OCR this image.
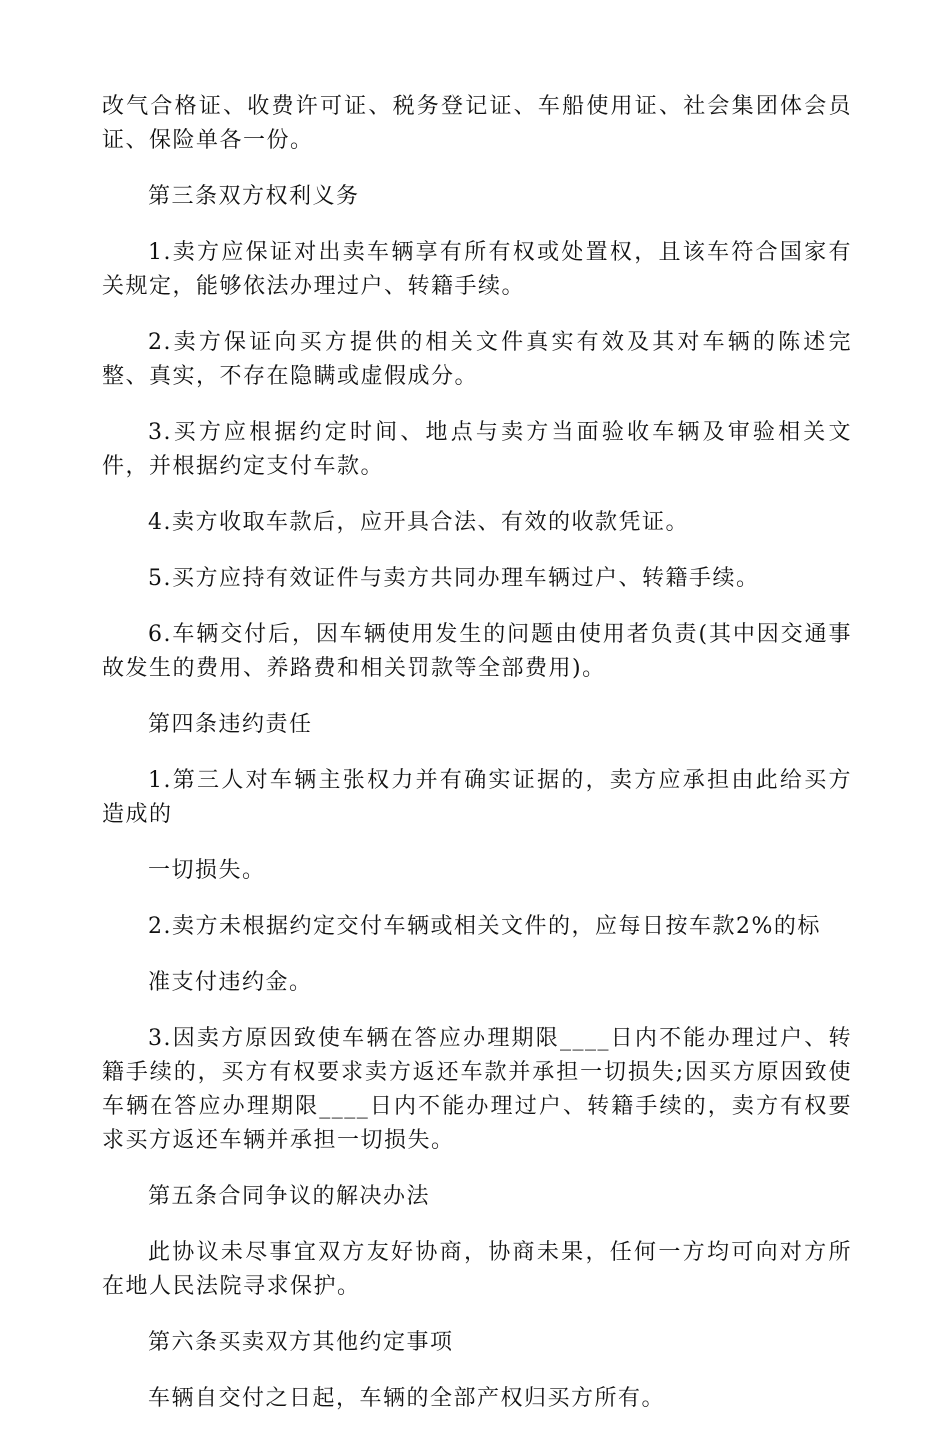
改气合格证、收费许可证、税务登记证、车船使用证、社会集团体会员证、保险单各一份。

第三条双方权利义务

1.卖方应保证对出卖车辆享有所有权或处置权，且该车符合国家有关规定，能够依法办理过户、转籍手续。

2.卖方保证向买方提供的相关文件真实有效及其对车辆的陈述完整、真实，不存在隐瞒或虚假成分。

3.买方应根据约定时间、地点与卖方当面验收车辆及审验相关文件，并根据约定支付车款。

4.卖方收取车款后，应开具合法、有效的收款凭证。

5.买方应持有效证件与卖方共同办理车辆过户、转籍手续。

6.车辆交付后，因车辆使用发生的问题由使用者负责(其中因交通事故发生的费用、养路费和相关罚款等全部费用)。

第四条违约责任

1.第三人对车辆主张权力并有确实证据的，卖方应承担由此给买方造成的

一切损失。

2.卖方未根据约定交付车辆或相关文件的，应每日按车款2%的标

准支付违约金。

3.因卖方原因致使车辆在答应办理期限____日内不能办理过户、转籍手续的，买方有权要求卖方返还车款并承担一切损失;因买方原因致使车辆在答应办理期限____日内不能办理过户、转籍手续的，卖方有权要求买方返还车辆并承担一切损失。

第五条合同争议的解决办法

此协议未尽事宜双方友好协商，协商未果，任何一方均可向对方所在地人民法院寻求保护。

第六条买卖双方其他约定事项

车辆自交付之日起，车辆的全部产权归买方所有。
